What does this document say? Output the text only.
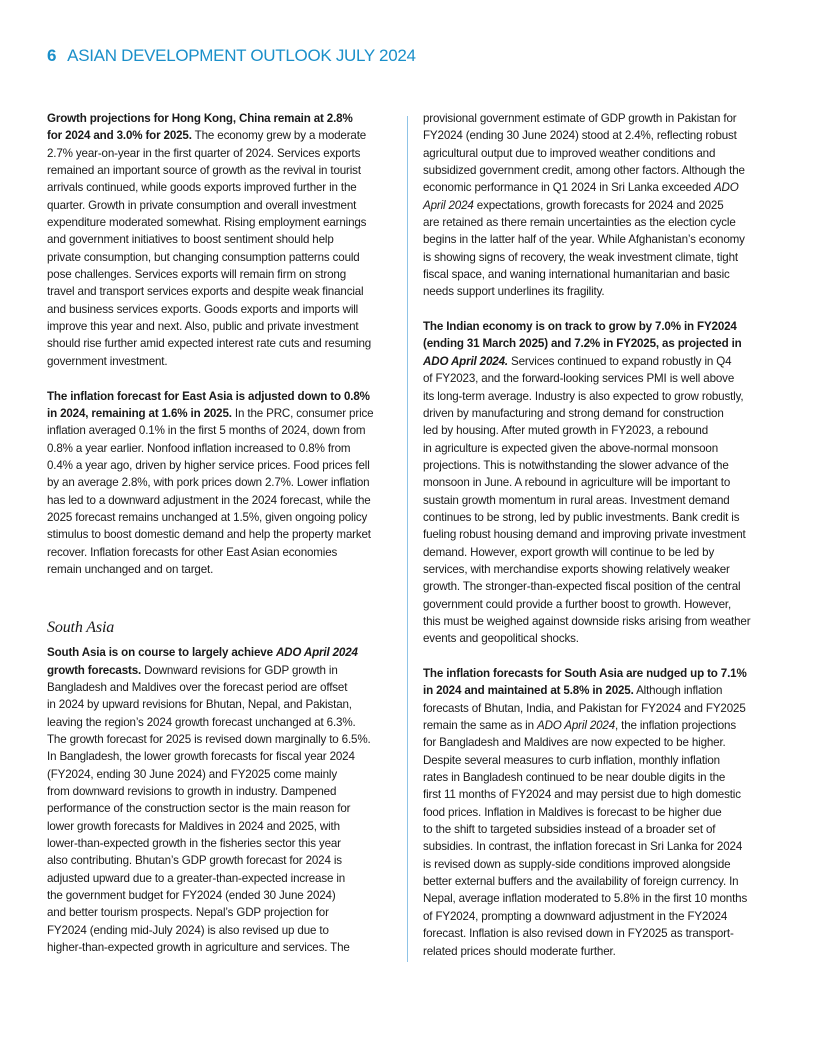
6 ASIAN DEVELOPMENT OUTLOOK JULY 2024

Growth projections for Hong Kong, China remain at 2.8%
for 2024 and 3.0% for 2025. The economy grew by a moderate
2.7% year-on-year in the first quarter of 2024. Services exports
remained an important source of growth as the revival in tourist
arrivals continued, while goods exports improved further in the
quarter. Growth in private consumption and overall investment
expenditure moderated somewhat. Rising employment earnings
and government initiatives to boost sentiment should help
private consumption, but changing consumption patterns could
pose challenges. Services exports will remain firm on strong
travel and transport services exports and despite weak financial
and business services exports. Goods exports and imports will
improve this year and next. Also, public and private investment
should rise further amid expected interest rate cuts and resuming
government investment.

The inflation forecast for East Asia is adjusted down to 0.8%
in 2024, remaining at 1.6% in 2025. In the PRC, consumer price
inflation averaged 0.1% in the first 5 months of 2024, down from
0.8% a year earlier. Nonfood inflation increased to 0.8% from
0.4% a year ago, driven by higher service prices. Food prices fell
by an average 2.8%, with pork prices down 2.7%. Lower inflation
has led to a downward adjustment in the 2024 forecast, while the
2025 forecast remains unchanged at 1.5%, given ongoing policy
stimulus to boost domestic demand and help the property market
recover. Inflation forecasts for other East Asian economies
remain unchanged and on target.

South Asia

South Asia is on course to largely achieve ADO April 2024
growth forecasts. Downward revisions for GDP growth in
Bangladesh and Maldives over the forecast period are offset
in 2024 by upward revisions for Bhutan, Nepal, and Pakistan,
leaving the region’s 2024 growth forecast unchanged at 6.3%.
The growth forecast for 2025 is revised down marginally to 6.5%.
In Bangladesh, the lower growth forecasts for fiscal year 2024
(FY2024, ending 30 June 2024) and FY2025 come mainly
from downward revisions to growth in industry. Dampened
performance of the construction sector is the main reason for
lower growth forecasts for Maldives in 2024 and 2025, with
lower-than-expected growth in the fisheries sector this year
also contributing. Bhutan’s GDP growth forecast for 2024 is
adjusted upward due to a greater-than-expected increase in
the government budget for FY2024 (ended 30 June 2024)
and better tourism prospects. Nepal’s GDP projection for
FY2024 (ending mid-July 2024) is also revised up due to
higher-than-expected growth in agriculture and services. The

provisional government estimate of GDP growth in Pakistan for
FY2024 (ending 30 June 2024) stood at 2.4%, reflecting robust
agricultural output due to improved weather conditions and
subsidized government credit, among other factors. Although the
economic performance in Q1 2024 in Sri Lanka exceeded ADO
April 2024 expectations, growth forecasts for 2024 and 2025
are retained as there remain uncertainties as the election cycle
begins in the latter half of the year. While Afghanistan’s economy
is showing signs of recovery, the weak investment climate, tight
fiscal space, and waning international humanitarian and basic
needs support underlines its fragility.

The Indian economy is on track to grow by 7.0% in FY2024
(ending 31 March 2025) and 7.2% in FY2025, as projected in
ADO April 2024. Services continued to expand robustly in Q4
of FY2023, and the forward-looking services PMI is well above
its long-term average. Industry is also expected to grow robustly,
driven by manufacturing and strong demand for construction
led by housing. After muted growth in FY2023, a rebound
in agriculture is expected given the above-normal monsoon
projections. This is notwithstanding the slower advance of the
monsoon in June. A rebound in agriculture will be important to
sustain growth momentum in rural areas. Investment demand
continues to be strong, led by public investments. Bank credit is
fueling robust housing demand and improving private investment
demand. However, export growth will continue to be led by
services, with merchandise exports showing relatively weaker
growth. The stronger-than-expected fiscal position of the central
government could provide a further boost to growth. However,
this must be weighed against downside risks arising from weather
events and geopolitical shocks.

The inflation forecasts for South Asia are nudged up to 7.1%
in 2024 and maintained at 5.8% in 2025. Although inflation
forecasts of Bhutan, India, and Pakistan for FY2024 and FY2025
remain the same as in ADO April 2024, the inflation projections
for Bangladesh and Maldives are now expected to be higher.
Despite several measures to curb inflation, monthly inflation
rates in Bangladesh continued to be near double digits in the
first 11 months of FY2024 and may persist due to high domestic
food prices. Inflation in Maldives is forecast to be higher due
to the shift to targeted subsidies instead of a broader set of
subsidies. In contrast, the inflation forecast in Sri Lanka for 2024
is revised down as supply-side conditions improved alongside
better external buffers and the availability of foreign currency. In
Nepal, average inflation moderated to 5.8% in the first 10 months
of FY2024, prompting a downward adjustment in the FY2024
forecast. Inflation is also revised down in FY2025 as transport-
related prices should moderate further.
